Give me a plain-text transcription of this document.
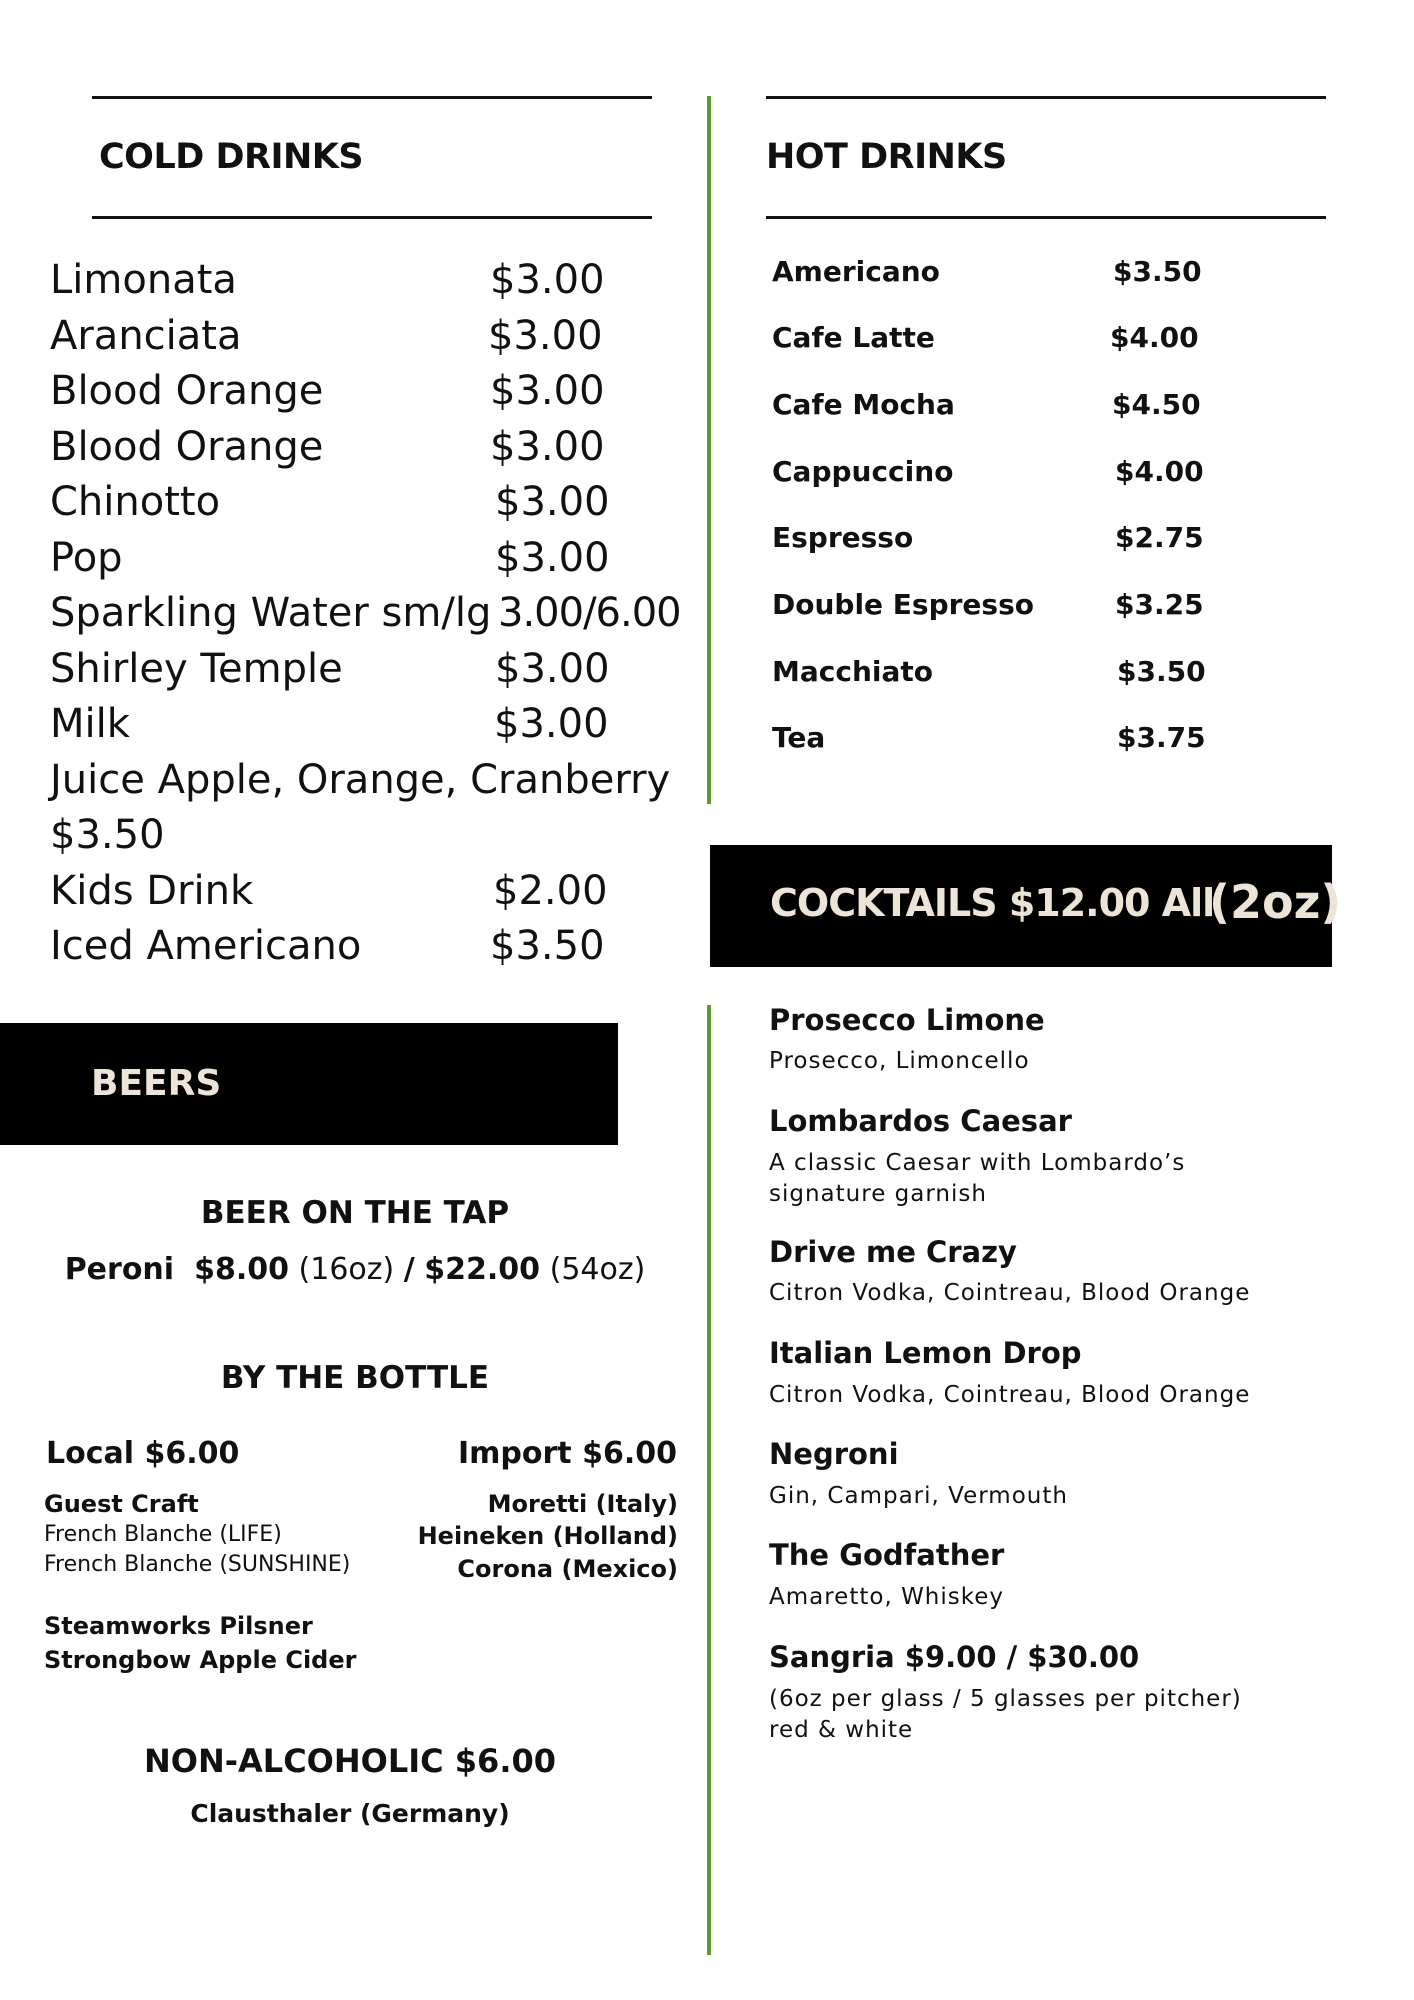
COLD DRINKS
Limonata	$3.00
Aranciata	$3.00
Blood Orange	$3.00
Blood Orange	$3.00
Chinotto	$3.00
Pop	$3.00
Sparkling Water sm/lg 3.00/6.00
Shirley Temple	$3.00
Milk	$3.00
Juice Apple, Orange, Cranberry
$3.50
Kids Drink	$2.00
Iced Americano	$3.50
HOT DRINKS
Americano	$3.50
Cafe Latte	$4.00
Cafe Mocha	$4.50
Cappuccino	$4.00
Espresso	$2.75
Double Espresso	$3.25
Macchiato	$3.50
Tea	$3.75
COCKTAILS $12.00 All
(2oz)
Prosecco Limone
Prosecco, Limoncello
Lombardos Caesar
A classic Caesar with Lombardo’s
signature garnish
Drive me Crazy
Citron Vodka, Cointreau, Blood Orange
Italian Lemon Drop
Citron Vodka, Cointreau, Blood Orange
Negroni
Gin, Campari, Vermouth
The Godfather
Amaretto, Whiskey
Sangria $9.00 / $30.00
(6oz per glass / 5 glasses per pitcher)
red & white
BEERS
BEER ON THE TAP
Peroni $8.00 (16oz) / $22.00 (54oz)
BY THE BOTTLE
Local $6.00	Import $6.00
Guest Craft
French Blanche (LIFE)
French Blanche (SUNSHINE)
Steamworks Pilsner
Strongbow Apple Cider
Moretti (Italy)
Heineken (Holland)
Corona (Mexico)
NON-ALCOHOLIC $6.00
Clausthaler (Germany)
